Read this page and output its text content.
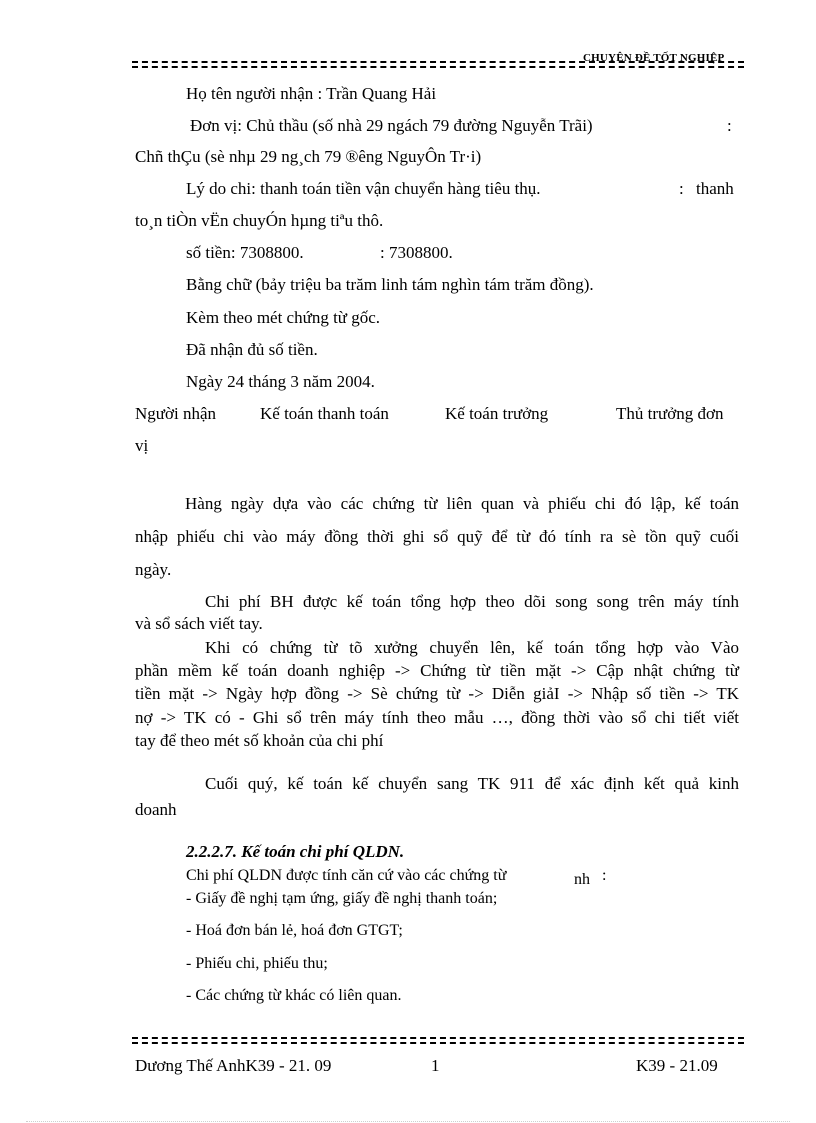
CHUYÊN ĐỀ TỐT NGHIỆP
Họ tên người nhận : Trần Quang Hải
Đơn vị: Chủ thầu (số nhà 29 ngách 79 đường Nguyễn Trãi)	:
Chñ thÇu (sè nhµ 29 ng¸ch 79 ®êng NguyÔn Tr·i)
Lý do chi: thanh toán tiền vận chuyển hàng tiêu thụ.	: thanh
to¸n tiÒn vËn chuyÓn hµng tiªu thô.
số tiền: 7308800.	: 7308800.
Bằng chữ (bảy triệu ba trăm linh tám nghìn tám trăm đồng).
Kèm theo mét chứng từ gốc.
Đã nhận đủ số tiền.
Ngày 24 tháng 3 năm 2004.
Người nhận	Kế toán thanh toán	Kế toán trưởng	Thủ trưởng đơn
vị
Hàng ngày dựa vào các chứng từ liên quan và phiếu chi đó lập, kế toán
nhập phiếu chi vào máy đồng thời ghi sổ quỹ để từ đó tính ra sè tồn quỹ cuối
ngày.
Chi phí BH được kế toán tổng hợp theo dõi song song trên máy tính
và sổ sách viết tay.
Khi có chứng từ tõ xưởng chuyển lên, kế toán tổng hợp vào Vào
phần mềm kế toán doanh nghiệp -> Chứng từ tiền mặt -> Cập nhật chứng từ
tiền mặt -> Ngày hợp đồng -> Sè chứng từ -> Diễn giảI -> Nhập số tiền -> TK
nợ -> TK có - Ghi sổ trên máy tính theo mẫu …, đồng thời vào sổ chi tiết viết
tay để theo mét số khoản của chi phí
Cuối quý, kế toán kế chuyển sang TK 911 để xác định kết quả kinh
doanh
2.2.2.7. Kế toán chi phí QLDN.
Chi phí QLDN được tính căn cứ vào các chứng từ	nh :
- Giấy đề nghị tạm ứng, giấy đề nghị thanh toán;
- Hoá đơn bán lẻ, hoá đơn GTGT;
- Phiếu chi, phiếu thu;
- Các chứng từ khác có liên quan.
Dương Thế AnhK39 - 21. 09	1	K39 - 21.09
